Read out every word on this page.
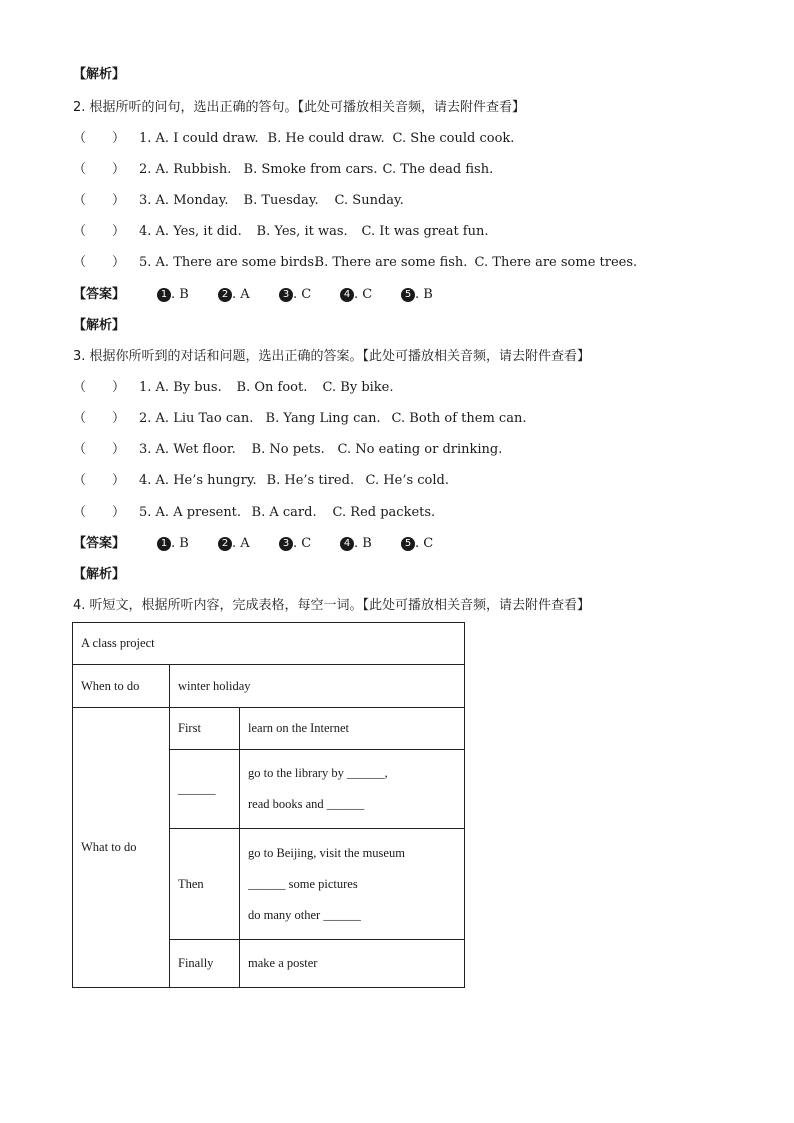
【解析】
2. 根据所听的问句，选出正确的答句。【此处可播放相关音频，请去附件查看】
（　　） 1. A. I could draw. B. He could draw. C. She could cook.
（　　） 2. A. Rubbish. B. Smoke from cars. C. The dead fish.
（　　） 3. A. Monday. B. Tuesday. C. Sunday.
（　　） 4. A. Yes, it did. B. Yes, it was. C. It was great fun.
（　　） 5. A. There are some birds.B. There are some fish. C. There are some trees.
【答案】	1 . B	2 . A	3 . C	4 . C	5 . B
【解析】
3. 根据你所听到的对话和问题，选出正确的答案。【此处可播放相关音频，请去附件查看】
（　　） 1. A. By bus. B. On foot. C. By bike.
（　　） 2. A. Liu Tao can. B. Yang Ling can. C. Both of them can.
（　　） 3. A. Wet floor. B. No pets. C. No eating or drinking.
（　　） 4. A. He’s hungry. B. He’s tired. C. He’s cold.
（　　） 5. A. A present. B. A card. C. Red packets.
【答案】	1 . B	2 . A	3 . C	4 . B	5 . C
【解析】
4. 听短文，根据所听内容，完成表格，每空一词。【此处可播放相关音频，请去附件查看】
A class project		
When to do	winter holiday	
What to do	First	learn on the Internet

	______	go to the library by ______,
read books and ______

	Then	go to Beijing, visit the museum
______ some pictures
do many other ______

	Finally	make a poster
